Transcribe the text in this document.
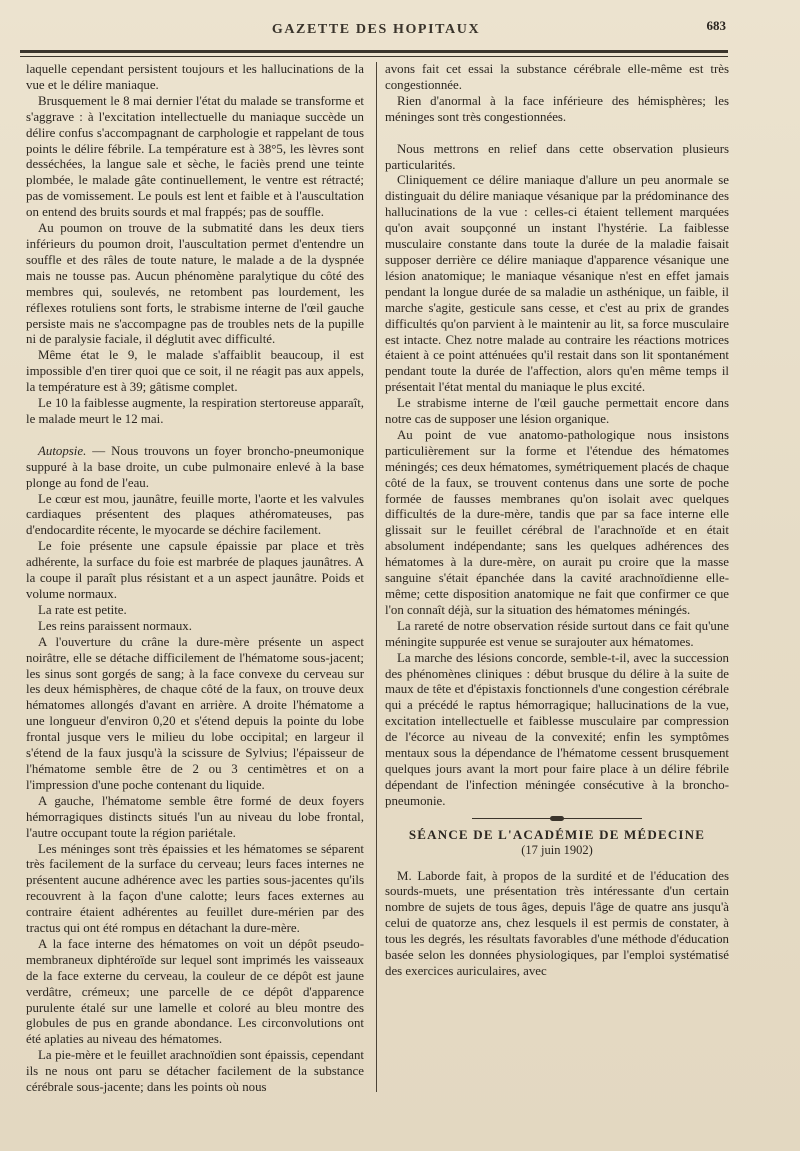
GAZETTE DES HOPITAUX	683

laquelle cependant persistent toujours et les hallucinations de la vue et le délire maniaque.

Brusquement le 8 mai dernier l'état du malade se transforme et s'aggrave : à l'excitation intellectuelle du maniaque succède un délire confus s'accompagnant de carphologie et rappelant de tous points le délire fébrile. La température est à 38°5, les lèvres sont desséchées, la langue sale et sèche, le faciès prend une teinte plombée, le malade gâte continuellement, le ventre est rétracté; pas de vomissement. Le pouls est lent et faible et à l'auscultation on entend des bruits sourds et mal frappés; pas de souffle.

Au poumon on trouve de la submatité dans les deux tiers inférieurs du poumon droit, l'auscultation permet d'entendre un souffle et des râles de toute nature, le malade a de la dyspnée mais ne tousse pas. Aucun phénomène paralytique du côté des membres qui, soulevés, ne retombent pas lourdement, les réflexes rotuliens sont forts, le strabisme interne de l'œil gauche persiste mais ne s'accompagne pas de troubles nets de la pupille ni de paralysie faciale, il déglutit avec difficulté.

Même état le 9, le malade s'affaiblit beaucoup, il est impossible d'en tirer quoi que ce soit, il ne réagit pas aux appels, la température est à 39; gâtisme complet.

Le 10 la faiblesse augmente, la respiration stertoreuse apparaît, le malade meurt le 12 mai.

Autopsie. — Nous trouvons un foyer broncho-pneumonique suppuré à la base droite, un cube pulmonaire enlevé à la base plonge au fond de l'eau.

Le cœur est mou, jaunâtre, feuille morte, l'aorte et les valvules cardiaques présentent des plaques athéromateuses, pas d'endocardite récente, le myocarde se déchire facilement.

Le foie présente une capsule épaissie par place et très adhérente, la surface du foie est marbrée de plaques jaunâtres. A la coupe il paraît plus résistant et a un aspect jaunâtre. Poids et volume normaux.

La rate est petite.

Les reins paraissent normaux.

A l'ouverture du crâne la dure-mère présente un aspect noirâtre, elle se détache difficilement de l'hématome sous-jacent; les sinus sont gorgés de sang; à la face convexe du cerveau sur les deux hémisphères, de chaque côté de la faux, on trouve deux hématomes allongés d'avant en arrière. A droite l'hématome a une longueur d'environ 0,20 et s'étend depuis la pointe du lobe frontal jusque vers le milieu du lobe occipital; en largeur il s'étend de la faux jusqu'à la scissure de Sylvius; l'épaisseur de l'hématome semble être de 2 ou 3 centimètres et on a l'impression d'une poche contenant du liquide.

A gauche, l'hématome semble être formé de deux foyers hémorragiques distincts situés l'un au niveau du lobe frontal, l'autre occupant toute la région pariétale.

Les méninges sont très épaissies et les hématomes se séparent très facilement de la surface du cerveau; leurs faces internes ne présentent aucune adhérence avec les parties sous-jacentes qu'ils recouvrent à la façon d'une calotte; leurs faces externes au contraire étaient adhérentes au feuillet dure-mérien par des tractus qui ont été rompus en détachant la dure-mère.

A la face interne des hématomes on voit un dépôt pseudo-membraneux diphtéroïde sur lequel sont imprimés les vaisseaux de la face externe du cerveau, la couleur de ce dépôt est jaune verdâtre, crémeux; une parcelle de ce dépôt d'apparence purulente étalé sur une lamelle et coloré au bleu montre des globules de pus en grande abondance. Les circonvolutions ont été aplaties au niveau des hématomes.

La pie-mère et le feuillet arachnoïdien sont épaissis, cependant ils ne nous ont paru se détacher facilement de la substance cérébrale sous-jacente; dans les points où nous

avons fait cet essai la substance cérébrale elle-même est très congestionnée.

Rien d'anormal à la face inférieure des hémisphères; les méninges sont très congestionnées.

Nous mettrons en relief dans cette observation plusieurs particularités.

Cliniquement ce délire maniaque d'allure un peu anormale se distinguait du délire maniaque vésanique par la prédominance des hallucinations de la vue : celles-ci étaient tellement marquées qu'on avait soupçonné un instant l'hystérie. La faiblesse musculaire constante dans toute la durée de la maladie faisait supposer derrière ce délire maniaque d'apparence vésanique une lésion anatomique; le maniaque vésanique n'est en effet jamais pendant la longue durée de sa maladie un asthénique, un faible, il marche s'agite, gesticule sans cesse, et c'est au prix de grandes difficultés qu'on parvient à le maintenir au lit, sa force musculaire est intacte. Chez notre malade au contraire les réactions motrices étaient à ce point atténuées qu'il restait dans son lit spontanément pendant toute la durée de l'affection, alors qu'en même temps il présentait l'état mental du maniaque le plus excité.

Le strabisme interne de l'œil gauche permettait encore dans notre cas de supposer une lésion organique.

Au point de vue anatomo-pathologique nous insistons particulièrement sur la forme et l'étendue des hématomes méningés; ces deux hématomes, symétriquement placés de chaque côté de la faux, se trouvent contenus dans une sorte de poche formée de fausses membranes qu'on isolait avec quelques difficultés de la dure-mère, tandis que par sa face interne elle glissait sur le feuillet cérébral de l'arachnoïde et en était absolument indépendante; sans les quelques adhérences des hématomes à la dure-mère, on aurait pu croire que la masse sanguine s'était épanchée dans la cavité arachnoïdienne elle-même; cette disposition anatomique ne fait que confirmer ce que l'on connaît déjà, sur la situation des hématomes méningés.

La rareté de notre observation réside surtout dans ce fait qu'une méningite suppurée est venue se surajouter aux hématomes.

La marche des lésions concorde, semble-t-il, avec la succession des phénomènes cliniques : début brusque du délire à la suite de maux de tête et d'épistaxis fonctionnels d'une congestion cérébrale qui a précédé le raptus hémorragique; hallucinations de la vue, excitation intellectuelle et faiblesse musculaire par compression de l'écorce au niveau de la convexité; enfin les symptômes mentaux sous la dépendance de l'hématome cessent brusquement quelques jours avant la mort pour faire place à un délire fébrile dépendant de l'infection méningée consécutive à la broncho-pneumonie.

SÉANCE DE L'ACADÉMIE DE MÉDECINE
(17 juin 1902)

M. Laborde fait, à propos de la surdité et de l'éducation des sourds-muets, une présentation très intéressante d'un certain nombre de sujets de tous âges, depuis l'âge de quatre ans jusqu'à celui de quatorze ans, chez lesquels il est permis de constater, à tous les degrés, les résultats favorables d'une méthode d'éducation basée selon les données physiologiques, par l'emploi systématisé des exercices auriculaires, avec
